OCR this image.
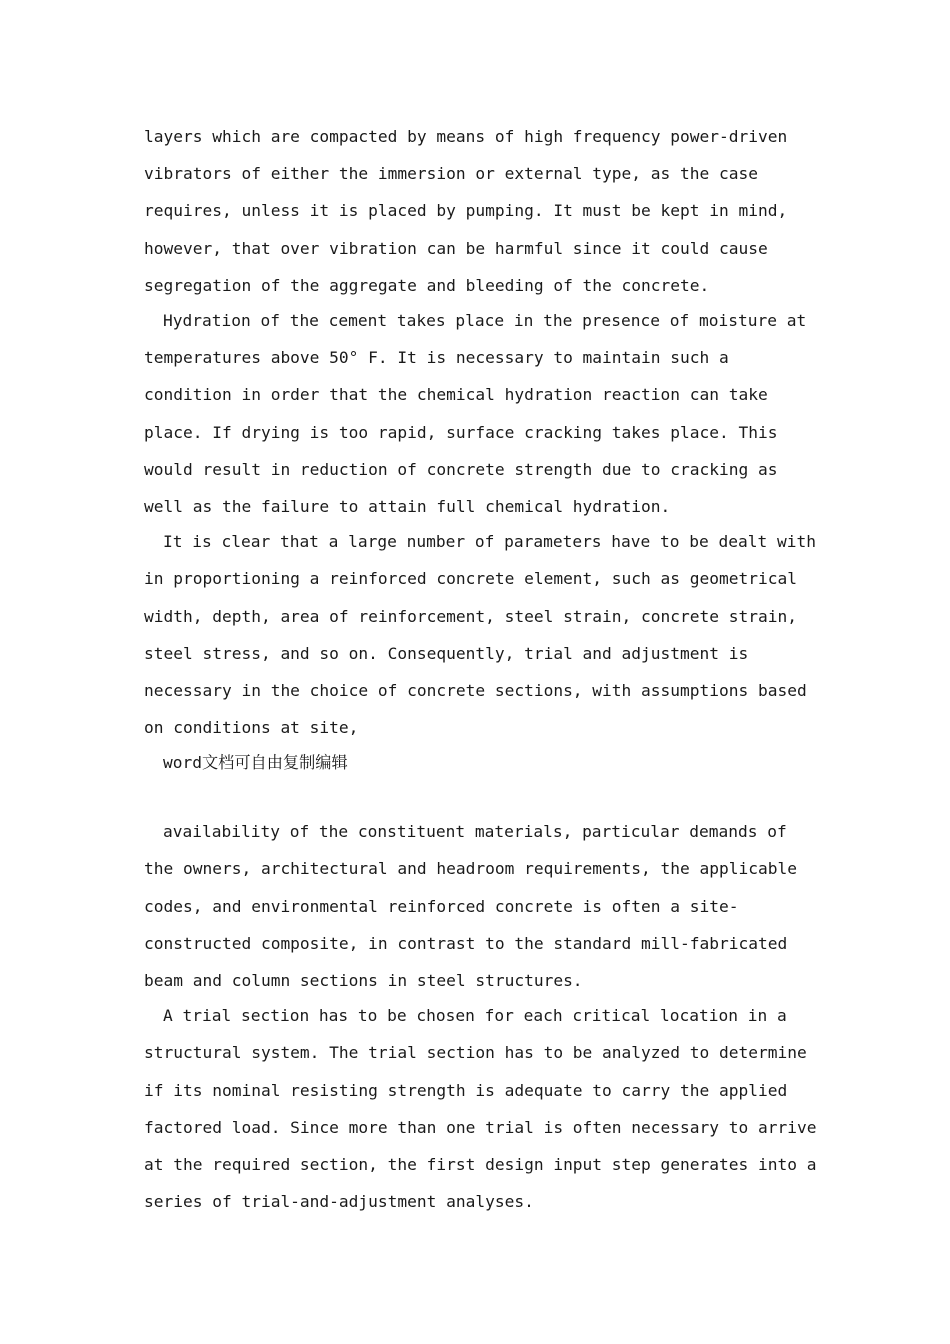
layers which are compacted by means of high frequency power-driven
vibrators of either the immersion or external type, as the case
requires, unless it is placed by pumping. It must be kept in mind,
however, that over vibration can be harmful since it could cause
segregation of the aggregate and bleeding of the concrete.
Hydration of the cement takes place in the presence of moisture at
temperatures above 50° F. It is necessary to maintain such a
condition in order that the chemical hydration reaction can take
place. If drying is too rapid, surface cracking takes place. This
would result in reduction of concrete strength due to cracking as
well as the failure to attain full chemical hydration.
It is clear that a large number of parameters have to be dealt with
in proportioning a reinforced concrete element, such as geometrical
width, depth, area of reinforcement, steel strain, concrete strain,
steel stress, and so on. Consequently, trial and adjustment is
necessary in the choice of concrete sections, with assumptions based
on conditions at site,
word文档可自由复制编辑
availability of the constituent materials, particular demands of
the owners, architectural and headroom requirements, the applicable
codes, and environmental reinforced concrete is often a site-
constructed composite, in contrast to the standard mill-fabricated
beam and column sections in steel structures.
A trial section has to be chosen for each critical location in a
structural system. The trial section has to be analyzed to determine
if its nominal resisting strength is adequate to carry the applied
factored load. Since more than one trial is often necessary to arrive
at the required section, the first design input step generates into a
series of trial-and-adjustment analyses.
